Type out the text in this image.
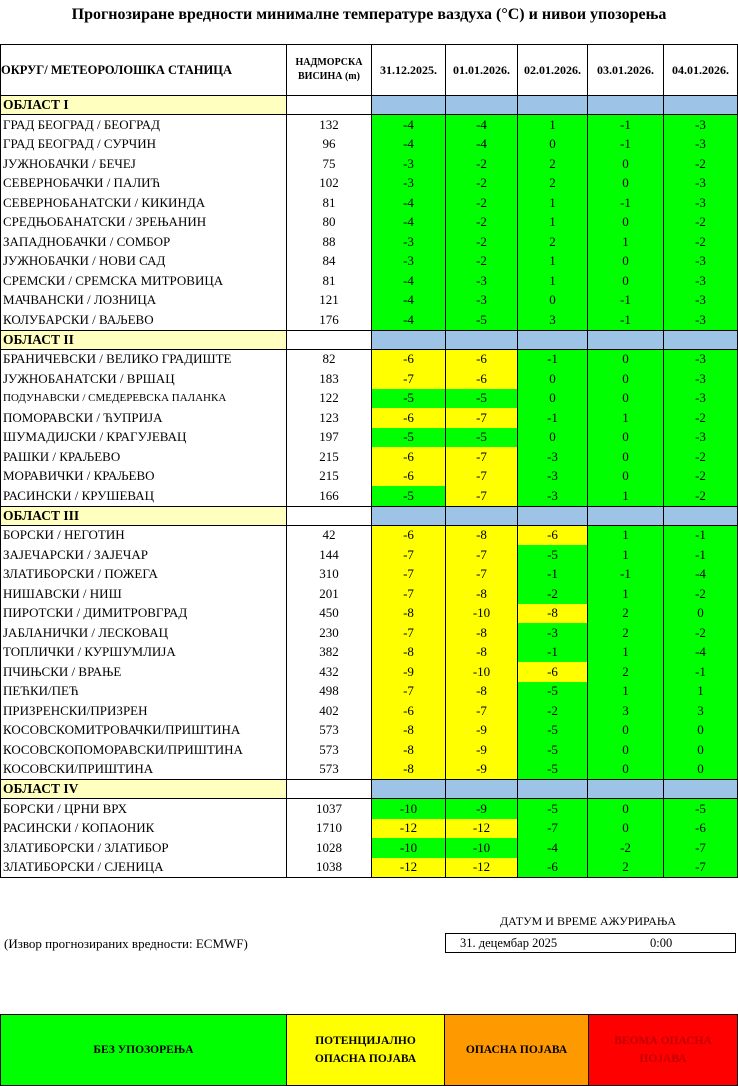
Прогнозиране вредности минималне температуре ваздуха (°C) и нивои упозорења
ОКРУГ/ МЕТЕОРОЛОШКА СТАНИЦА	НАДМОРСКА ВИСИНА (m)	31.12.2025.	01.01.2026.	02.01.2026.	03.01.2026.	04.01.2026.
ОБЛАСТ I						
ГРАД БЕОГРАД / БЕОГРАД	132	-4	-4	1	-1	-3
ГРАД БЕОГРАД / СУРЧИН	96	-4	-4	0	-1	-3
ЈУЖНОБАЧКИ / БЕЧЕЈ	75	-3	-2	2	0	-2
СЕВЕРНОБАЧКИ / ПАЛИЋ	102	-3	-2	2	0	-3
СЕВЕРНОБАНАТСКИ / КИКИНДА	81	-4	-2	1	-1	-3
СРЕДЊОБАНАТСКИ / ЗРЕЊАНИН	80	-4	-2	1	0	-2
ЗАПАДНОБАЧКИ / СОМБОР	88	-3	-2	2	1	-2
ЈУЖНОБАЧКИ / НОВИ САД	84	-3	-2	1	0	-3
СРЕМСКИ / СРЕМСКА МИТРОВИЦА	81	-4	-3	1	0	-3
МАЧВАНСКИ / ЛОЗНИЦА	121	-4	-3	0	-1	-3
КОЛУБАРСКИ / ВАЉЕВО	176	-4	-5	3	-1	-3
ОБЛАСТ II						
БРАНИЧЕВСКИ / ВЕЛИКО ГРАДИШТЕ	82	-6	-6	-1	0	-3
ЈУЖНОБАНАТСКИ / ВРШАЦ	183	-7	-6	0	0	-3
ПОДУНАВСКИ / СМЕДЕРЕВСКА ПАЛАНКА	122	-5	-5	0	0	-3
ПОМОРАВСКИ / ЋУПРИЈА	123	-6	-7	-1	1	-2
ШУМАДИЈСКИ / КРАГУЈЕВАЦ	197	-5	-5	0	0	-3
РАШКИ / КРАЉЕВО	215	-6	-7	-3	0	-2
МОРАВИЧКИ / КРАЉЕВО	215	-6	-7	-3	0	-2
РАСИНСКИ / КРУШЕВАЦ	166	-5	-7	-3	1	-2
ОБЛАСТ III						
БОРСКИ / НЕГОТИН	42	-6	-8	-6	1	-1
ЗАЈЕЧАРСКИ / ЗАЈЕЧАР	144	-7	-7	-5	1	-1
ЗЛАТИБОРСКИ / ПОЖЕГА	310	-7	-7	-1	-1	-4
НИШАВСКИ / НИШ	201	-7	-8	-2	1	-2
ПИРОТСКИ / ДИМИТРОВГРАД	450	-8	-10	-8	2	0
ЈАБЛАНИЧКИ / ЛЕСКОВАЦ	230	-7	-8	-3	2	-2
ТОПЛИЧКИ / КУРШУМЛИЈА	382	-8	-8	-1	1	-4
ПЧИЊСКИ / ВРАЊЕ	432	-9	-10	-6	2	-1
ПЕЋКИ/ПЕЋ	498	-7	-8	-5	1	1
ПРИЗРЕНСКИ/ПРИЗРЕН	402	-6	-7	-2	3	3
КОСОВСКОМИТРОВАЧКИ/ПРИШТИНА	573	-8	-9	-5	0	0
КОСОВСКОПОМОРАВСКИ/ПРИШТИНА	573	-8	-9	-5	0	0
КОСОВСКИ/ПРИШТИНА	573	-8	-9	-5	0	0
ОБЛАСТ IV						
БОРСКИ / ЦРНИ ВРХ	1037	-10	-9	-5	0	-5
РАСИНСКИ / КОПАОНИК	1710	-12	-12	-7	0	-6
ЗЛАТИБОРСКИ / ЗЛАТИБОР	1028	-10	-10	-4	-2	-7
ЗЛАТИБОРСКИ / СЈЕНИЦА	1038	-12	-12	-6	2	-7
ДАТУМ И ВРЕМЕ АЖУРИРАЊА
(Извор прогнозираних вредности: ECMWF)	31. децембар 2025	0:00
БЕЗ УПОЗОРЕЊА
ПОТЕНЦИЈАЛНО
ОПАСНА ПОЈАВА
ОПАСНА ПОЈАВА
ВЕОМА ОПАСНА
ПОЈАВА
